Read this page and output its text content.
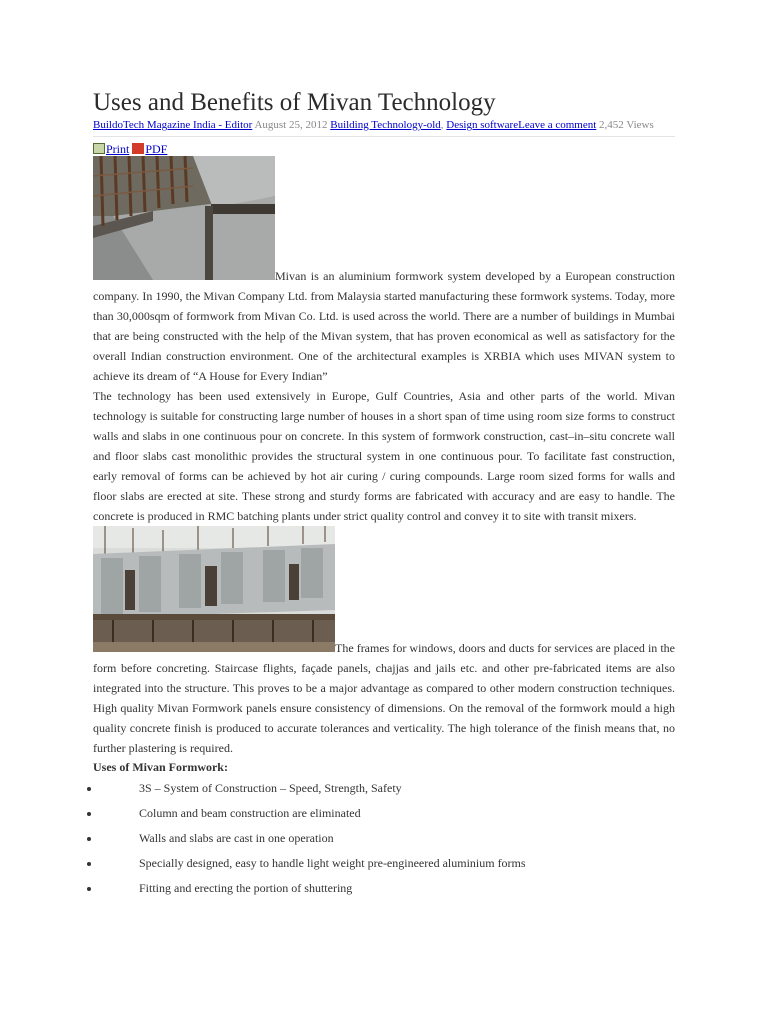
Uses and Benefits of Mivan Technology
BuildoTech Magazine India - Editor August 25, 2012 Building Technology-old, Design softwareLeave a comment 2,452 Views
Print PDF

Mivan is an aluminium formwork system developed by a European construction company. In 1990, the Mivan Company Ltd. from Malaysia started manufacturing these formwork systems. Today, more than 30,000sqm of formwork from Mivan Co. Ltd. is used across the world. There are a number of buildings in Mumbai that are being constructed with the help of the Mivan system, that has proven economical as well as satisfactory for the overall Indian construction environment. One of the architectural examples is XRBIA which uses MIVAN system to achieve its dream of “A House for Every Indian”

The technology has been used extensively in Europe, Gulf Countries, Asia and other parts of the world. Mivan technology is suitable for constructing large number of houses in a short span of time using room size forms to construct walls and slabs in one continuous pour on concrete. In this system of formwork construction, cast–in–situ concrete wall and floor slabs cast monolithic provides the structural system in one continuous pour. To facilitate fast construction, early removal of forms can be achieved by hot air curing / curing compounds. Large room sized forms for walls and floor slabs are erected at site. These strong and sturdy forms are fabricated with accuracy and are easy to handle. The concrete is produced in RMC batching plants under strict quality control and convey it to site with transit mixers.

The frames for windows, doors and ducts for services are placed in the form before concreting. Staircase flights, façade panels, chajjas and jails etc. and other pre-fabricated items are also integrated into the structure. This proves to be a major advantage as compared to other modern construction techniques. High quality Mivan Formwork panels ensure consistency of dimensions. On the removal of the formwork mould a high quality concrete finish is produced to accurate tolerances and verticality. The high tolerance of the finish means that, no further plastering is required.

Uses of Mivan Formwork:
3S – System of Construction – Speed, Strength, Safety
Column and beam construction are eliminated
Walls and slabs are cast in one operation
Specially designed, easy to handle light weight pre-engineered aluminium forms
Fitting and erecting the portion of shuttering
